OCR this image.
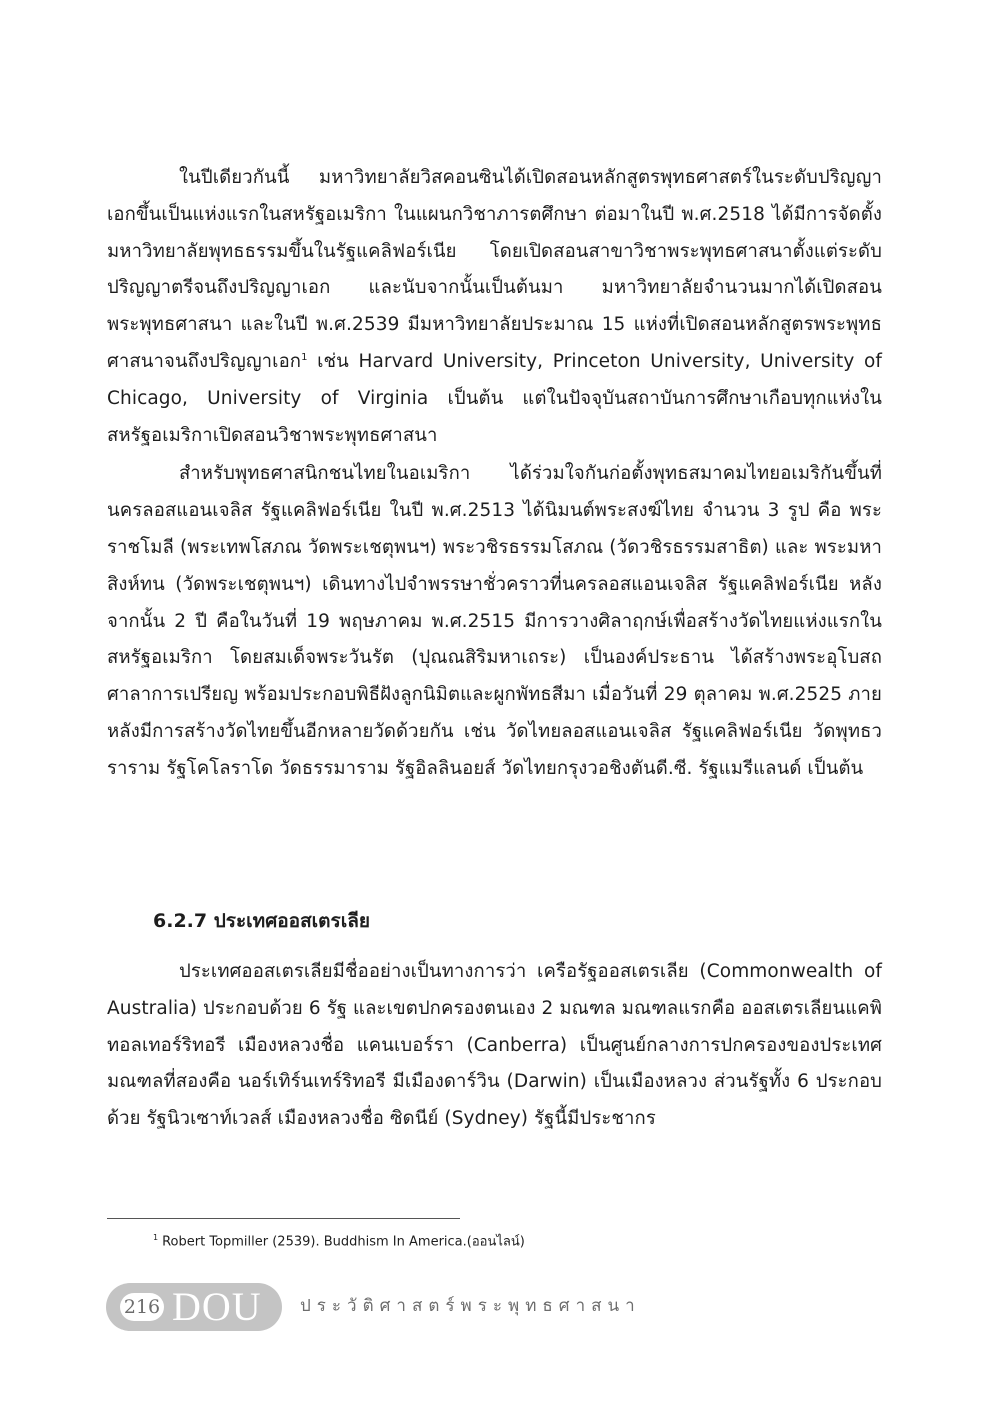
ในปีเดียวกันนี้ มหาวิทยาลัยวิสคอนซินได้เปิดสอนหลักสูตรพุทธศาสตร์ในระดับปริญญาเอกขึ้นเป็นแห่งแรกในสหรัฐอเมริกา ในแผนกวิชาภารตศึกษา ต่อมาในปี พ.ศ.2518 ได้มีการจัดตั้งมหาวิทยาลัยพุทธธรรมขึ้นในรัฐแคลิฟอร์เนีย โดยเปิดสอนสาขาวิชาพระพุทธศาสนาตั้งแต่ระดับปริญญาตรีจนถึงปริญญาเอก และนับจากนั้นเป็นต้นมา มหาวิทยาลัยจำนวนมากได้เปิดสอนพระพุทธศาสนา และในปี พ.ศ.2539 มีมหาวิทยาลัยประมาณ 15 แห่งที่เปิดสอนหลักสูตรพระพุทธศาสนาจนถึงปริญญาเอก$^1$ เช่น Harvard University, Princeton University, University of Chicago, University of Virginia เป็นต้น แต่ในปัจจุบันสถาบันการศึกษาเกือบทุกแห่งในสหรัฐอเมริกาเปิดสอนวิชาพระพุทธศาสนา

สำหรับพุทธศาสนิกชนไทยในอเมริกา ได้ร่วมใจกันก่อตั้งพุทธสมาคมไทยอเมริกันขึ้นที่นครลอสแอนเจลิส รัฐแคลิฟอร์เนีย ในปี พ.ศ.2513 ได้นิมนต์พระสงฆ์ไทย จำนวน 3 รูป คือ พระราชโมลี (พระเทพโสภณ วัดพระเชตุพนฯ) พระวชิรธรรมโสภณ (วัดวชิรธรรมสาธิต) และ พระมหาสิงห์ทน (วัดพระเชตุพนฯ) เดินทางไปจำพรรษาชั่วคราวที่นครลอสแอนเจลิส รัฐแคลิฟอร์เนีย หลังจากนั้น 2 ปี คือในวันที่ 19 พฤษภาคม พ.ศ.2515 มีการวางศิลาฤกษ์เพื่อสร้างวัดไทยแห่งแรกในสหรัฐอเมริกา โดยสมเด็จพระวันรัต (ปุณณสิริมหาเถระ) เป็นองค์ประธาน ได้สร้างพระอุโบสถ ศาลาการเปรียญ พร้อมประกอบพิธีฝังลูกนิมิตและผูกพัทธสีมา เมื่อวันที่ 29 ตุลาคม พ.ศ.2525 ภายหลังมีการสร้างวัดไทยขึ้นอีกหลายวัดด้วยกัน เช่น วัดไทยลอสแอนเจลิส รัฐแคลิฟอร์เนีย วัดพุทธวราราม รัฐโคโลราโด วัดธรรมาราม รัฐอิลลินอยส์ วัดไทยกรุงวอชิงตันดี.ซี. รัฐแมรีแลนด์ เป็นต้น

6.2.7 ประเทศออสเตรเลีย

ประเทศออสเตรเลียมีชื่ออย่างเป็นทางการว่า เครือรัฐออสเตรเลีย (Commonwealth of Australia) ประกอบด้วย 6 รัฐ และเขตปกครองตนเอง 2 มณฑล มณฑลแรกคือ ออสเตรเลียนแคพิทอลเทอร์ริทอรี เมืองหลวงชื่อ แคนเบอร์รา (Canberra) เป็นศูนย์กลางการปกครองของประเทศ มณฑลที่สองคือ นอร์เทิร์นเทร์ริทอรี มีเมืองดาร์วิน (Darwin) เป็นเมืองหลวง ส่วนรัฐทั้ง 6 ประกอบด้วย รัฐนิวเซาท์เวลส์ เมืองหลวงชื่อ ซิดนีย์ (Sydney) รัฐนี้มีประชากร

$^1$ Robert Topmiller (2539). Buddhism In America.(ออนไลน์)

216 DOU ประวัติศาสตร์พระพุทธศาสนา
